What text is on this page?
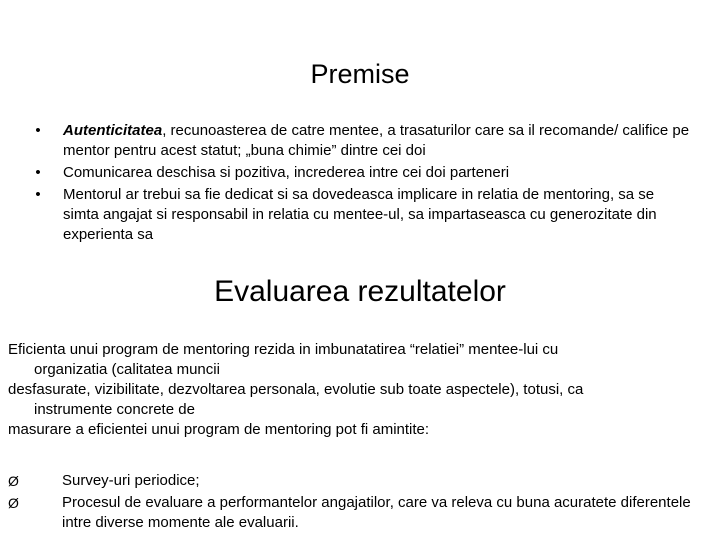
Premise
• Autenticitatea, recunoasterea de catre mentee, a trasaturilor care sa il recomande/ califice pe mentor pentru acest statut; „buna chimie” dintre cei doi
• Comunicarea deschisa si pozitiva, increderea intre cei doi parteneri
• Mentorul ar trebui sa fie dedicat si sa dovedeasca implicare in relatia de mentoring, sa se simta angajat si responsabil in relatia cu mentee-ul, sa impartaseasca cu generozitate din experienta sa
Evaluarea rezultatelor
Eficienta unui program de mentoring rezida in imbunatatirea “relatiei” mentee-lui cu
organizatia (calitatea muncii
desfasurate, vizibilitate, dezvoltarea personala, evolutie sub toate aspectele), totusi, ca
instrumente concrete de
masurare a eficientei unui program de mentoring pot fi amintite:
Ø	Survey-uri periodice;
Ø	Procesul de evaluare a performantelor angajatilor, care va releva cu buna acuratete diferentele intre diverse momente ale evaluarii.
